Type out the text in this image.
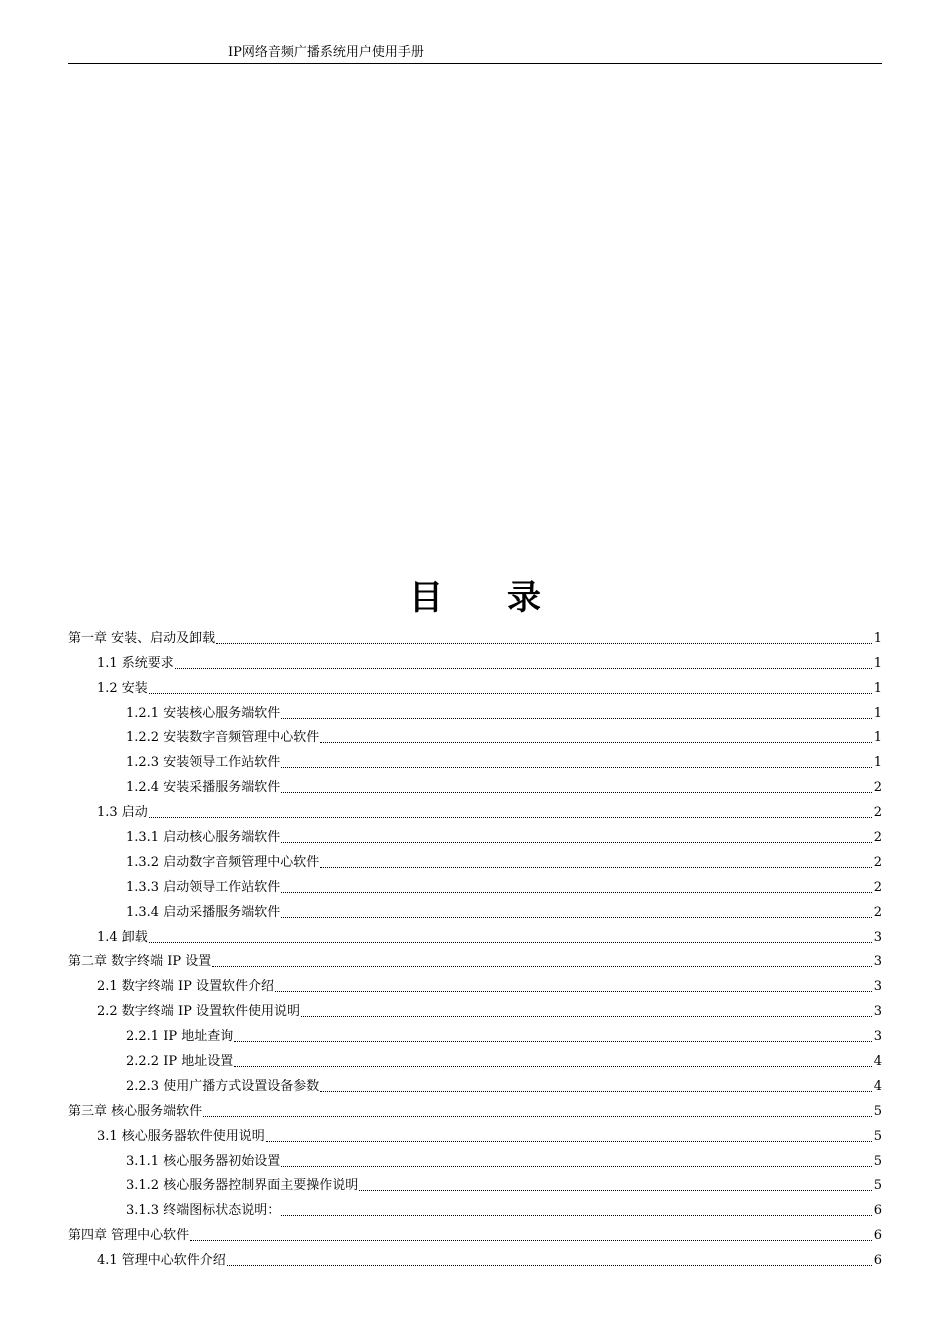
IP网络音频广播系统用户使用手册
目 录
第一章 安装、启动及卸载	1
1.1 系统要求	1
1.2 安装	1
1.2.1 安装核心服务端软件	1
1.2.2 安装数字音频管理中心软件	1
1.2.3 安装领导工作站软件	1
1.2.4 安装采播服务端软件	2
1.3 启动	2
1.3.1 启动核心服务端软件	2
1.3.2 启动数字音频管理中心软件	2
1.3.3 启动领导工作站软件	2
1.3.4 启动采播服务端软件	2
1.4 卸载	3
第二章 数字终端 IP 设置	3
2.1 数字终端 IP 设置软件介绍	3
2.2 数字终端 IP 设置软件使用说明	3
2.2.1 IP 地址查询	3
2.2.2 IP 地址设置	4
2.2.3 使用广播方式设置设备参数	4
第三章 核心服务端软件	5
3.1 核心服务器软件使用说明	5
3.1.1 核心服务器初始设置	5
3.1.2 核心服务器控制界面主要操作说明	5
3.1.3 终端图标状态说明：	6
第四章 管理中心软件	6
4.1 管理中心软件介绍	6
